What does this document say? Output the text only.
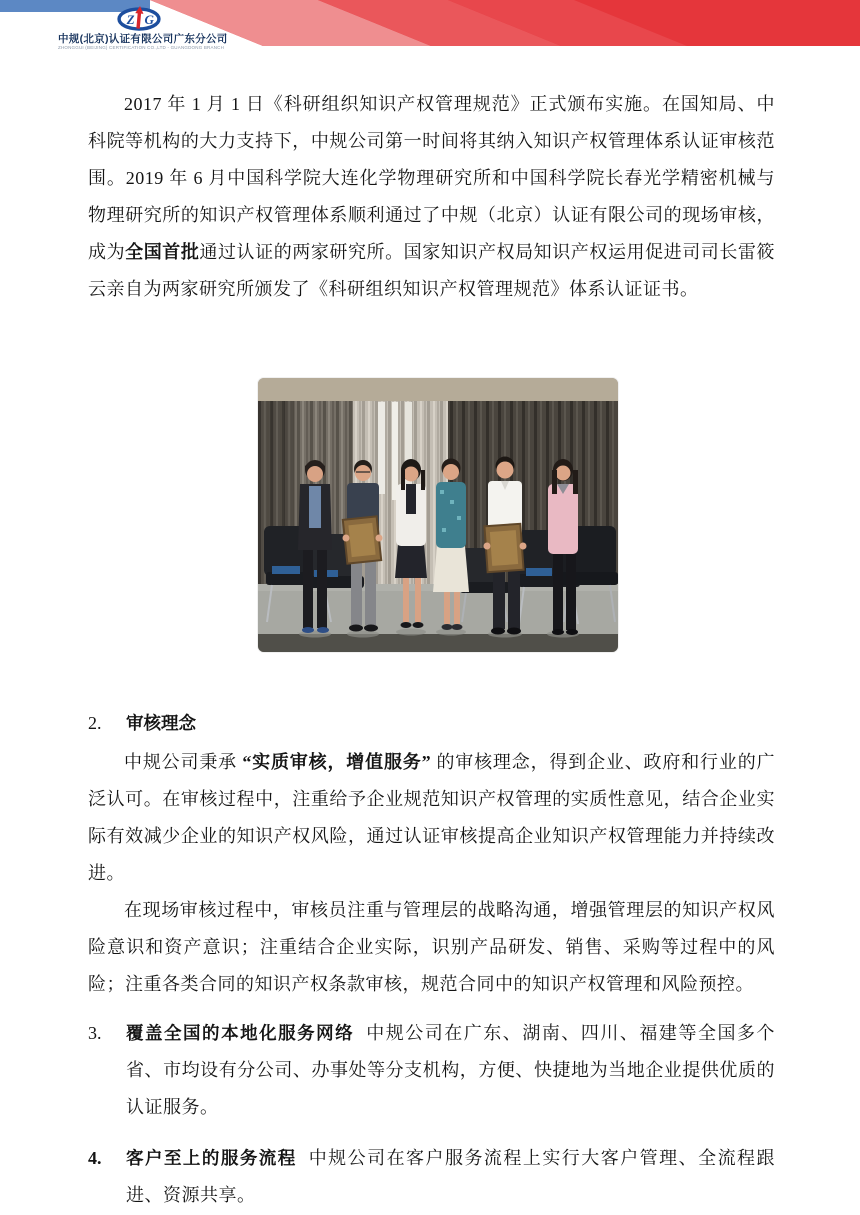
Z G
中规(北京)认证有限公司广东分公司
ZHONGGUI (BEIJING) CERTIFICATION CO.,LTD - GUANGDONG BRANCH

2017 年 1 月 1 日《科研组织知识产权管理规范》正式颁布实施。在国知局、中科院等机构的大力支持下，中规公司第一时间将其纳入知识产权管理体系认证审核范围。2019 年 6 月中国科学院大连化学物理研究所和中国科学院长春光学精密机械与物理研究所的知识产权管理体系顺利通过了中规（北京）认证有限公司的现场审核，成为全国首批通过认证的两家研究所。国家知识产权局知识产权运用促进司司长雷筱云亲自为两家研究所颁发了《科研组织知识产权管理规范》体系认证证书。

2.	审核理念

中规公司秉承 “实质审核，增值服务” 的审核理念，得到企业、政府和行业的广泛认可。在审核过程中，注重给予企业规范知识产权管理的实质性意见，结合企业实际有效减少企业的知识产权风险，通过认证审核提高企业知识产权管理能力并持续改进。

在现场审核过程中，审核员注重与管理层的战略沟通，增强管理层的知识产权风险意识和资产意识；注重结合企业实际，识别产品研发、销售、采购等过程中的风险；注重各类合同的知识产权条款审核，规范合同中的知识产权管理和风险预控。

3.	覆盖全国的本地化服务网络 中规公司在广东、湖南、四川、福建等全国多个省、市均设有分公司、办事处等分支机构，方便、快捷地为当地企业提供优质的认证服务。
4.	客户至上的服务流程 中规公司在客户服务流程上实行大客户管理、全流程跟进、资源共享。
